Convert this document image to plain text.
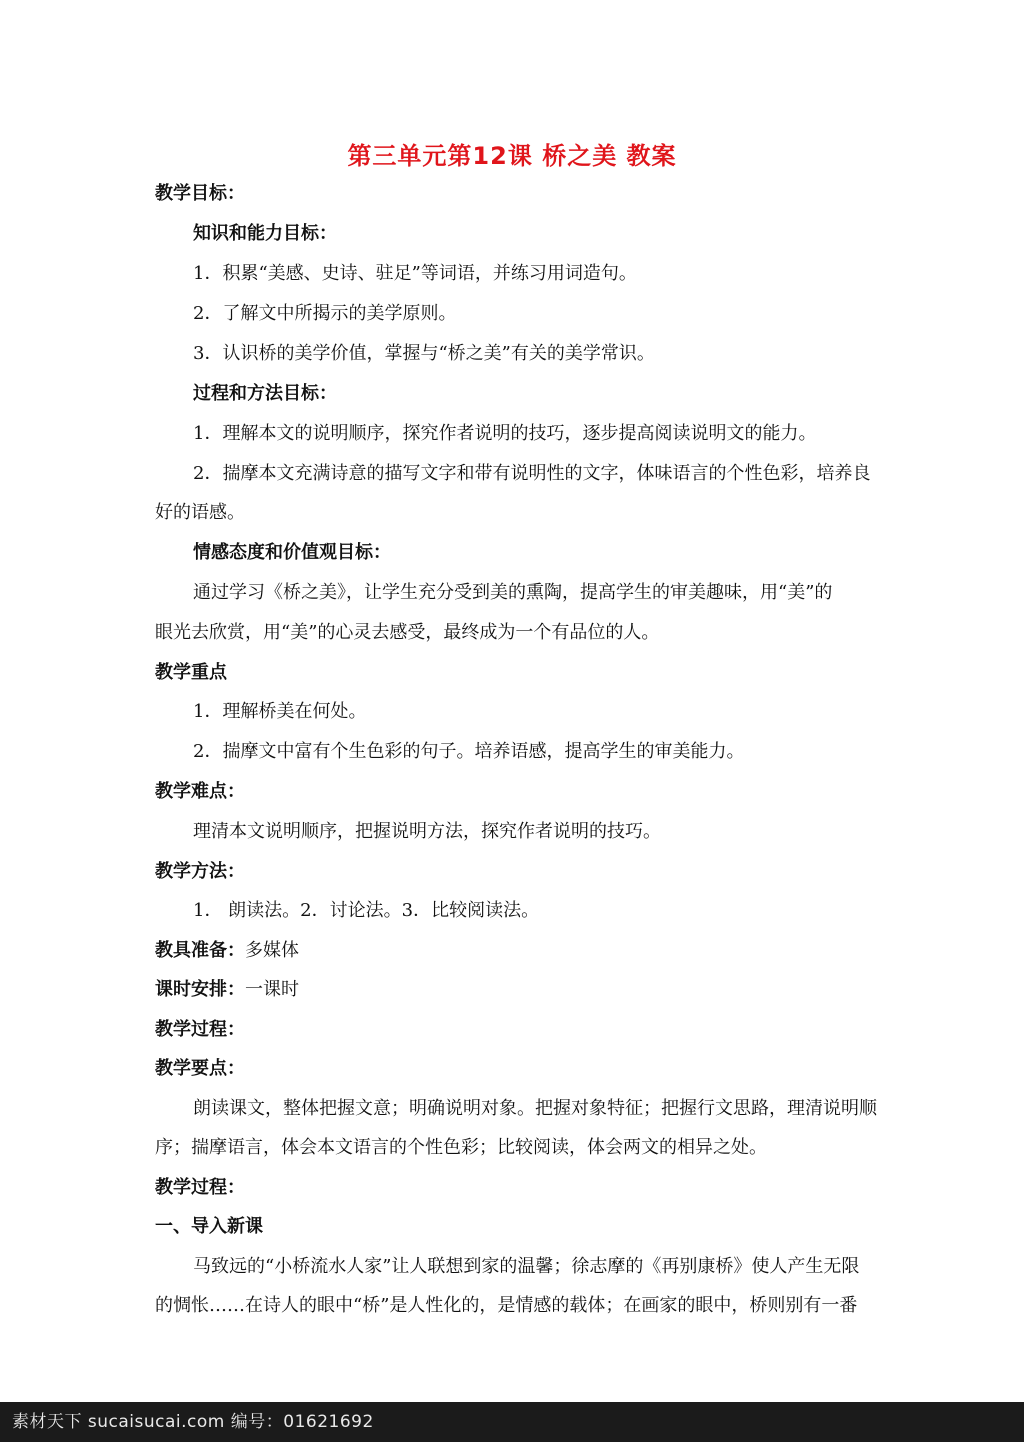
第三单元第12课 桥之美 教案
教学目标：
知识和能力目标：
1．积累“美感、史诗、驻足”等词语，并练习用词造句。
2．了解文中所揭示的美学原则。
3．认识桥的美学价值，掌握与“桥之美”有关的美学常识。
过程和方法目标：
1．理解本文的说明顺序，探究作者说明的技巧，逐步提高阅读说明文的能力。
2．揣摩本文充满诗意的描写文字和带有说明性的文字，体味语言的个性色彩，培养良
好的语感。
情感态度和价值观目标：
通过学习《桥之美》，让学生充分受到美的熏陶，提高学生的审美趣味，用“美”的
眼光去欣赏，用“美”的心灵去感受，最终成为一个有品位的人。
教学重点
1．理解桥美在何处。
2．揣摩文中富有个生色彩的句子。培养语感，提高学生的审美能力。
教学难点：
理清本文说明顺序，把握说明方法，探究作者说明的技巧。
教学方法：
1． 朗读法。2．讨论法。3．比较阅读法。
教具准备：多媒体
课时安排：一课时
教学过程：
教学要点：
朗读课文，整体把握文意；明确说明对象。把握对象特征；把握行文思路，理清说明顺
序；揣摩语言，体会本文语言的个性色彩；比较阅读，体会两文的相异之处。
教学过程：
一、导入新课
马致远的“小桥流水人家”让人联想到家的温馨；徐志摩的《再别康桥》使人产生无限
的惆怅……在诗人的眼中“桥”是人性化的，是情感的载体；在画家的眼中，桥则别有一番
素材天下 sucaisucai.com 编号：01621692
